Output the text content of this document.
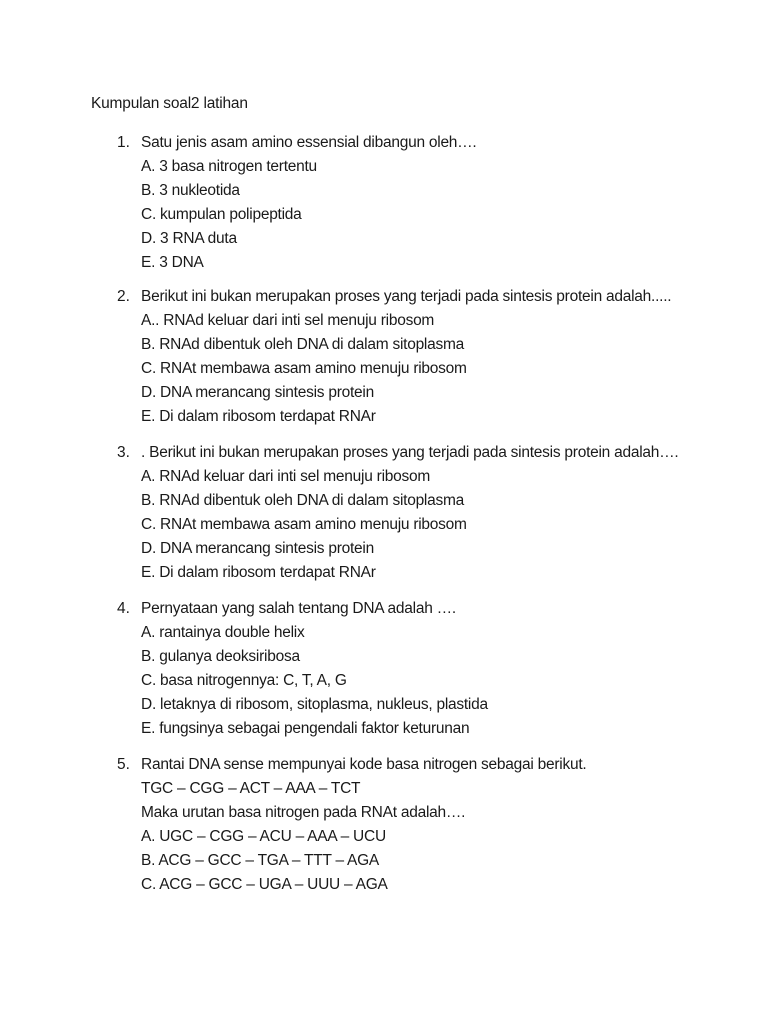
Kumpulan soal2 latihan
1. Satu jenis asam amino essensial dibangun oleh….
A. 3 basa nitrogen tertentu
B. 3 nukleotida
C. kumpulan polipeptida
D. 3 RNA duta
E. 3 DNA
2. Berikut ini bukan merupakan proses yang terjadi pada sintesis protein adalah.....
A.. RNAd keluar dari inti sel menuju ribosom
B. RNAd dibentuk oleh DNA di dalam sitoplasma
C. RNAt membawa asam amino menuju ribosom
D. DNA merancang sintesis protein
E. Di dalam ribosom terdapat RNAr
3. . Berikut ini bukan merupakan proses yang terjadi pada sintesis protein adalah….
A. RNAd keluar dari inti sel menuju ribosom
B. RNAd dibentuk oleh DNA di dalam sitoplasma
C. RNAt membawa asam amino menuju ribosom
D. DNA merancang sintesis protein
E. Di dalam ribosom terdapat RNAr
4. Pernyataan yang salah tentang DNA adalah ….
A. rantainya double helix
B. gulanya deoksiribosa
C. basa nitrogennya: C, T, A, G
D. letaknya di ribosom, sitoplasma, nukleus, plastida
E. fungsinya sebagai pengendali faktor keturunan
5. Rantai DNA sense mempunyai kode basa nitrogen sebagai berikut.
TGC – CGG – ACT – AAA – TCT
Maka urutan basa nitrogen pada RNAt adalah….
A. UGC – CGG – ACU – AAA – UCU
B. ACG – GCC – TGA – TTT – AGA
C. ACG – GCC – UGA – UUU – AGA
